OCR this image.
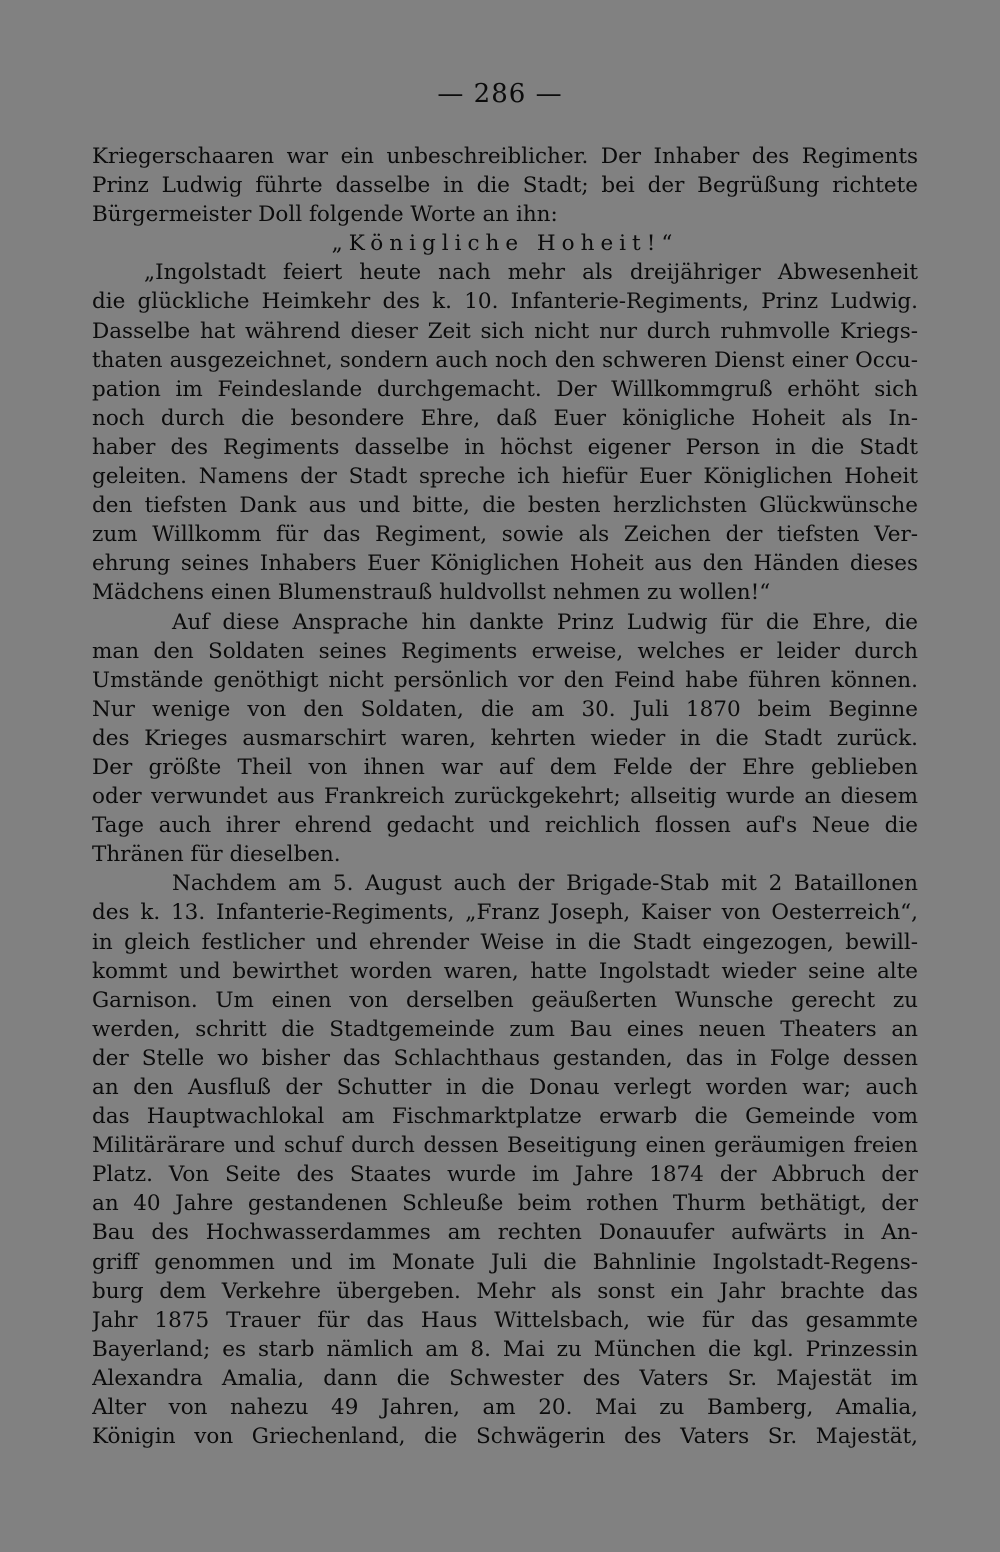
— 286 —
Kriegerschaaren war ein unbeschreiblicher. Der Inhaber des Regiments
Prinz Ludwig führte dasselbe in die Stadt; bei der Begrüßung richtete
Bürgermeister Doll folgende Worte an ihn:
„Königliche Hoheit!“
„Ingolstadt feiert heute nach mehr als dreijähriger Abwesenheit
die glückliche Heimkehr des k. 10. Infanterie-Regiments, Prinz Ludwig.
Dasselbe hat während dieser Zeit sich nicht nur durch ruhmvolle Kriegs-
thaten ausgezeichnet, sondern auch noch den schweren Dienst einer Occu-
pation im Feindeslande durchgemacht. Der Willkommgruß erhöht sich
noch durch die besondere Ehre, daß Euer königliche Hoheit als In-
haber des Regiments dasselbe in höchst eigener Person in die Stadt
geleiten. Namens der Stadt spreche ich hiefür Euer Königlichen Hoheit
den tiefsten Dank aus und bitte, die besten herzlichsten Glückwünsche
zum Willkomm für das Regiment, sowie als Zeichen der tiefsten Ver-
ehrung seines Inhabers Euer Königlichen Hoheit aus den Händen dieses
Mädchens einen Blumenstrauß huldvollst nehmen zu wollen!“
Auf diese Ansprache hin dankte Prinz Ludwig für die Ehre, die
man den Soldaten seines Regiments erweise, welches er leider durch
Umstände genöthigt nicht persönlich vor den Feind habe führen können.
Nur wenige von den Soldaten, die am 30. Juli 1870 beim Beginne
des Krieges ausmarschirt waren, kehrten wieder in die Stadt zurück.
Der größte Theil von ihnen war auf dem Felde der Ehre geblieben
oder verwundet aus Frankreich zurückgekehrt; allseitig wurde an diesem
Tage auch ihrer ehrend gedacht und reichlich flossen auf's Neue die
Thränen für dieselben.
Nachdem am 5. August auch der Brigade-Stab mit 2 Bataillonen
des k. 13. Infanterie-Regiments, „Franz Joseph, Kaiser von Oesterreich“,
in gleich festlicher und ehrender Weise in die Stadt eingezogen, bewill-
kommt und bewirthet worden waren, hatte Ingolstadt wieder seine alte
Garnison. Um einen von derselben geäußerten Wunsche gerecht zu
werden, schritt die Stadtgemeinde zum Bau eines neuen Theaters an
der Stelle wo bisher das Schlachthaus gestanden, das in Folge dessen
an den Ausfluß der Schutter in die Donau verlegt worden war; auch
das Hauptwachlokal am Fischmarktplatze erwarb die Gemeinde vom
Militärärare und schuf durch dessen Beseitigung einen geräumigen freien
Platz. Von Seite des Staates wurde im Jahre 1874 der Abbruch der
an 40 Jahre gestandenen Schleuße beim rothen Thurm bethätigt, der
Bau des Hochwasserdammes am rechten Donauufer aufwärts in An-
griff genommen und im Monate Juli die Bahnlinie Ingolstadt-Regens-
burg dem Verkehre übergeben. Mehr als sonst ein Jahr brachte das
Jahr 1875 Trauer für das Haus Wittelsbach, wie für das gesammte
Bayerland; es starb nämlich am 8. Mai zu München die kgl. Prinzessin
Alexandra Amalia, dann die Schwester des Vaters Sr. Majestät im
Alter von nahezu 49 Jahren, am 20. Mai zu Bamberg, Amalia,
Königin von Griechenland, die Schwägerin des Vaters Sr. Majestät,
